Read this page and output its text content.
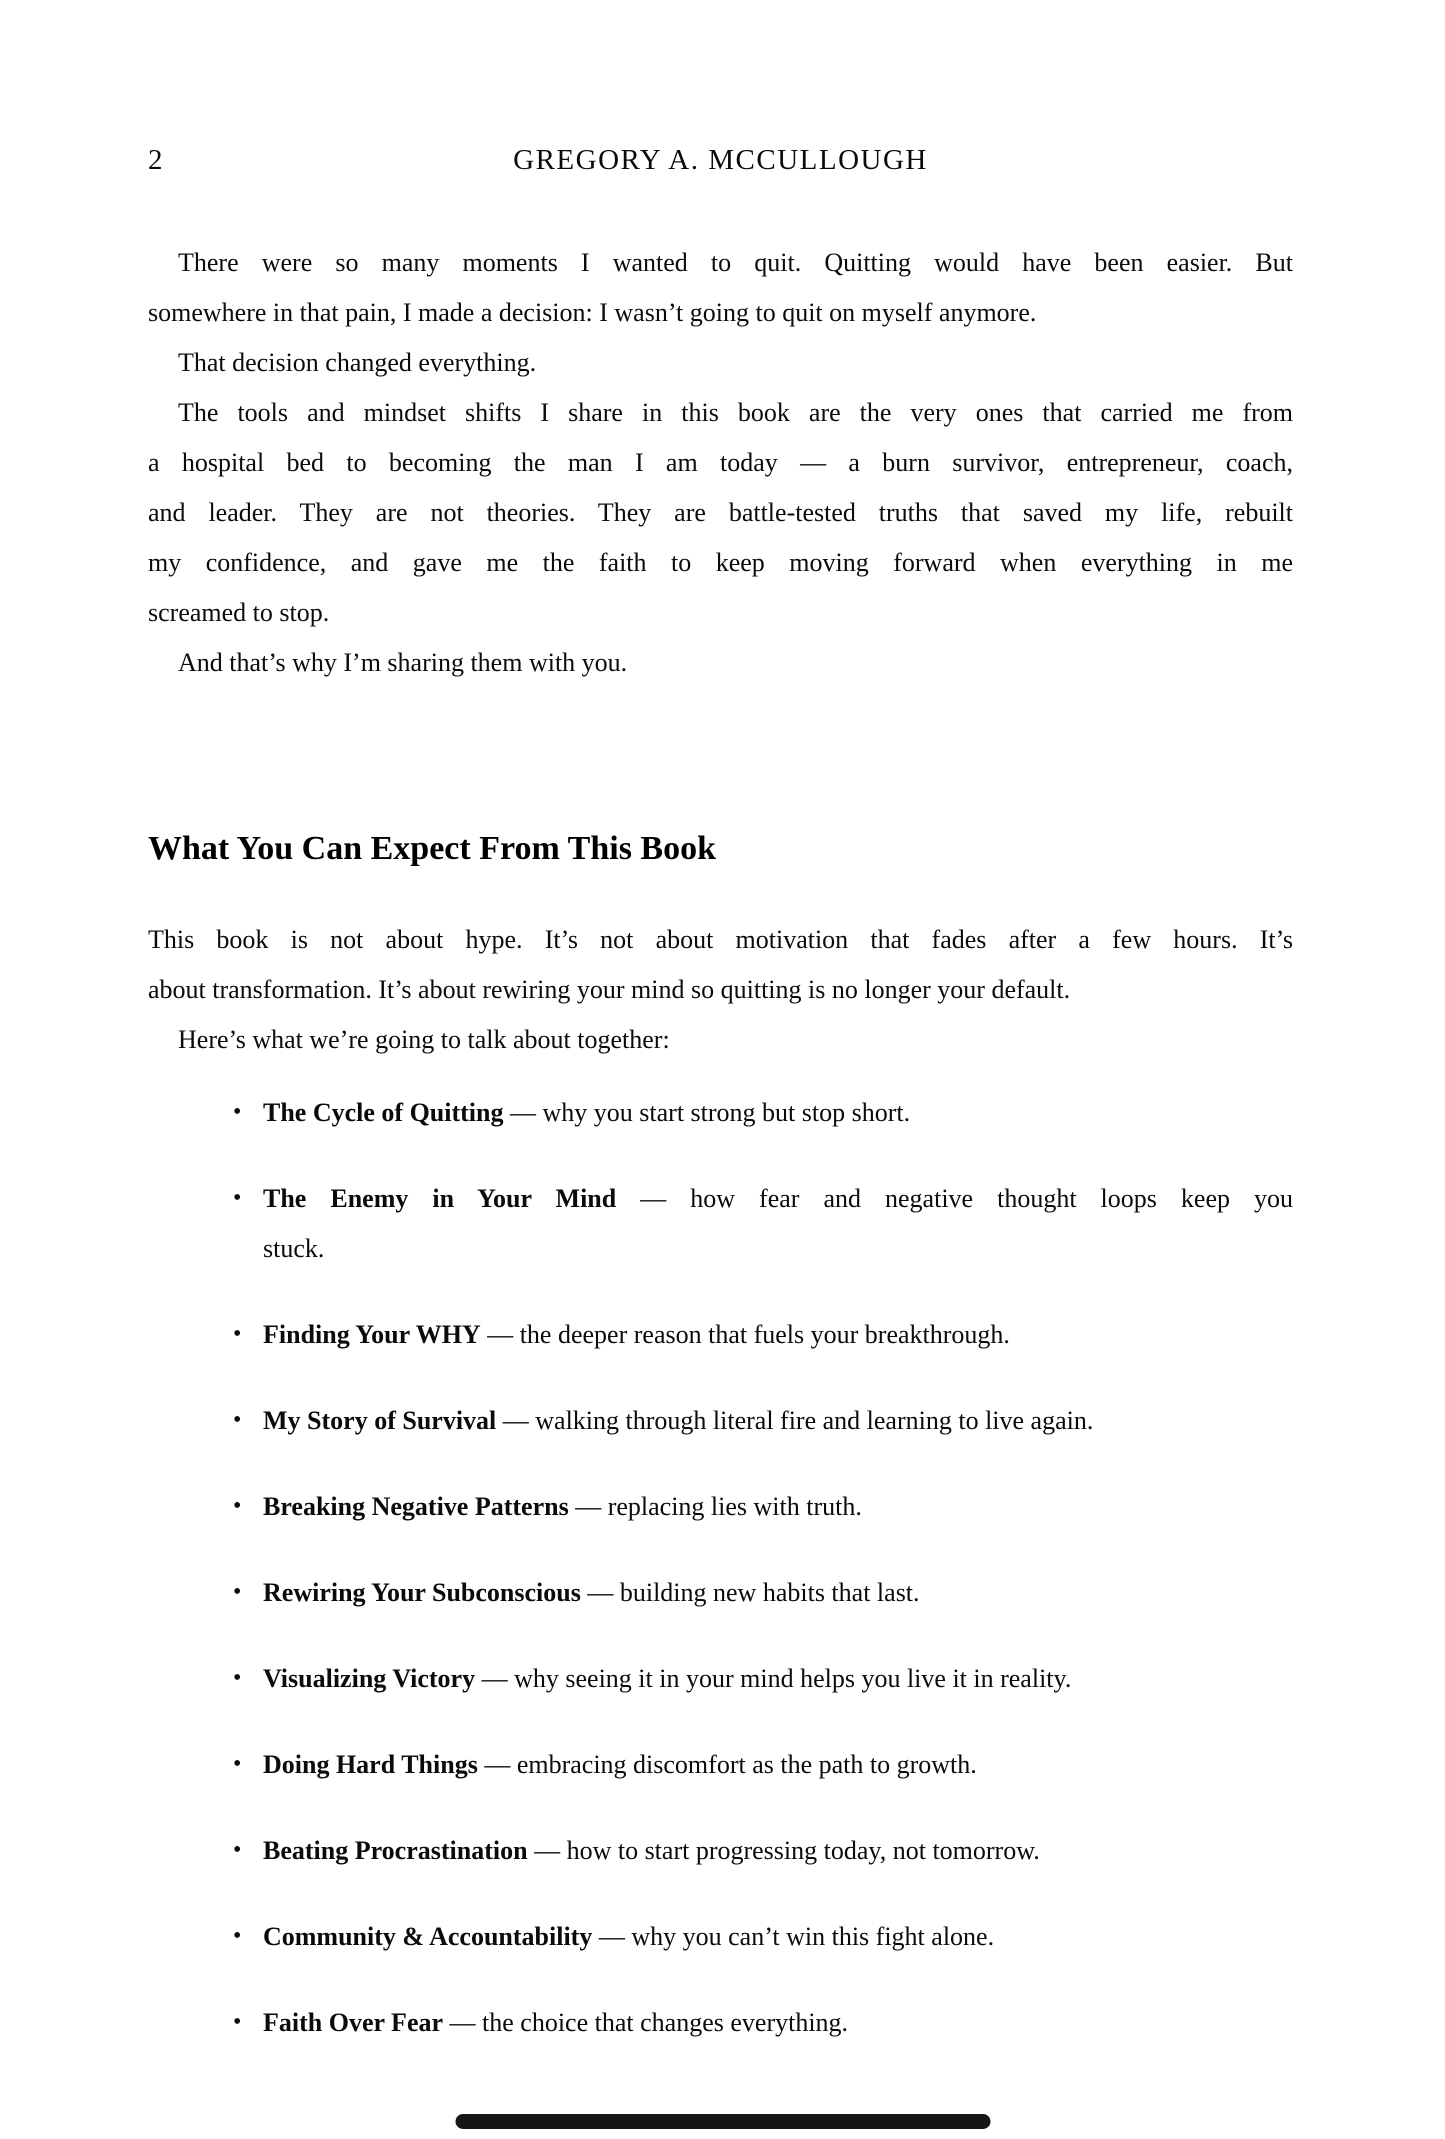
2	GREGORY A. MCCULLOUGH

There were so many moments I wanted to quit. Quitting would have been easier. But
somewhere in that pain, I made a decision: I wasn’t going to quit on myself anymore.

That decision changed everything.

The tools and mindset shifts I share in this book are the very ones that carried me from
a hospital bed to becoming the man I am today — a burn survivor, entrepreneur, coach,
and leader. They are not theories. They are battle-tested truths that saved my life, rebuilt
my confidence, and gave me the faith to keep moving forward when everything in me
screamed to stop.

And that’s why I’m sharing them with you.

What You Can Expect From This Book

This book is not about hype. It’s not about motivation that fades after a few hours. It’s
about transformation. It’s about rewiring your mind so quitting is no longer your default.

Here’s what we’re going to talk about together:

• The Cycle of Quitting — why you start strong but stop short.
• The Enemy in Your Mind — how fear and negative thought loops keep you
stuck.
• Finding Your WHY — the deeper reason that fuels your breakthrough.
• My Story of Survival — walking through literal fire and learning to live again.
• Breaking Negative Patterns — replacing lies with truth.
• Rewiring Your Subconscious — building new habits that last.
• Visualizing Victory — why seeing it in your mind helps you live it in reality.
• Doing Hard Things — embracing discomfort as the path to growth.
• Beating Procrastination — how to start progressing today, not tomorrow.
• Community & Accountability — why you can’t win this fight alone.
• Faith Over Fear — the choice that changes everything.
